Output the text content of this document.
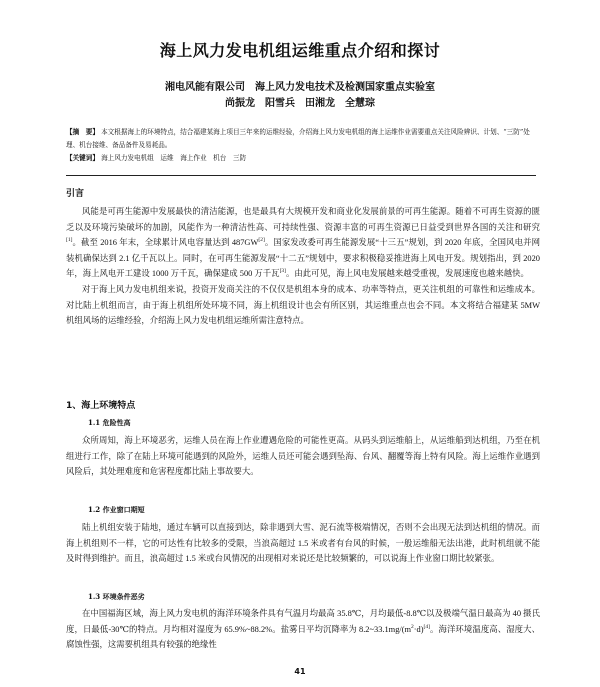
海上风力发电机组运维重点介绍和探讨
湘电风能有限公司　海上风力发电技术及检测国家重点实验室
尚振龙　阳雪兵　田湘龙　全慧琮
【摘　要】 本文根据海上的环境特点，结合福建某海上项目三年来的运维经验，介绍海上风力发电机组的海上运维作业需要重点关注风险辨识、计划、“三防”处理、机台接维、备品备件及易耗品。
【关键词】 海上风力发电机组　运维　海上作业　机台　三防
引言

风能是可再生能源中发展最快的清洁能源，也是最具有大规模开发和商业化发展前景的可再生能源。随着不可再生资源的匮乏以及环境污染破坏的加剧，风能作为一种清洁性高、可持续性强、资源丰富的可再生资源已日益受到世界各国的关注和研究[1]。截至 2016 年末，全球累计风电容量达到 487GW[2]。国家发改委可再生能源发展“十三五”规划，到 2020 年底，全国风电并网装机确保达到 2.1 亿千瓦以上。同时，在可再生能源发展“十二五”规划中，要求积极稳妥推进海上风电开发。规划指出，到 2020 年，海上风电开工建设 1000 万千瓦，确保建成 500 万千瓦[3]。由此可见，海上风电发展越来越受重视，发展速度也越来越快。

对于海上风力发电机组来说，投资开发商关注的不仅仅是机组本身的成本、功率等特点，更关注机组的可靠性和运维成本。对比陆上机组而言，由于海上机组所处环境不同，海上机组设计也会有所区别，其运维重点也会不同。本文将结合福建某 5MW 机组风场的运维经验，介绍海上风力发电机组运维所需注意特点。

1、海上环境特点
1.1 危险性高

众所周知，海上环境恶劣，运维人员在海上作业遭遇危险的可能性更高。从码头到运维船上，从运维船到达机组，乃至在机组进行工作，除了在陆上环境可能遇到的风险外，运维人员还可能会遇到坠海、台风、翻覆等海上特有风险。海上运维作业遇到风险后，其处理难度和危害程度都比陆上事故要大。

1.2 作业窗口期短

陆上机组安装于陆地，通过车辆可以直接到达，除非遇到大雪、泥石流等极端情况，否则不会出现无法到达机组的情况。而海上机组则不一样，它的可达性有比较多的受限，当浪高超过 1.5 米或者有台风的时候，一般运维船无法出港，此时机组就不能及时得到维护。而且，浪高超过 1.5 米或台风情况的出现相对来说还是比较频繁的，可以说海上作业窗口期比较紧张。

1.3 环境条件恶劣

在中国福海区域，海上风力发电机的海洋环境条件具有气温月均最高 35.8℃，月均最低-8.8℃以及极端气温日最高为 40 摄氏度，日最低-30℃的特点。月均相对湿度为 65.9%~88.2%。盐雾日平均沉降率为 $8.2\sim 33.1mg/(m^2\cdot d)[4]$。海洋环境温度高、湿度大、腐蚀性强，这需要机组具有较强的绝缘性

41
